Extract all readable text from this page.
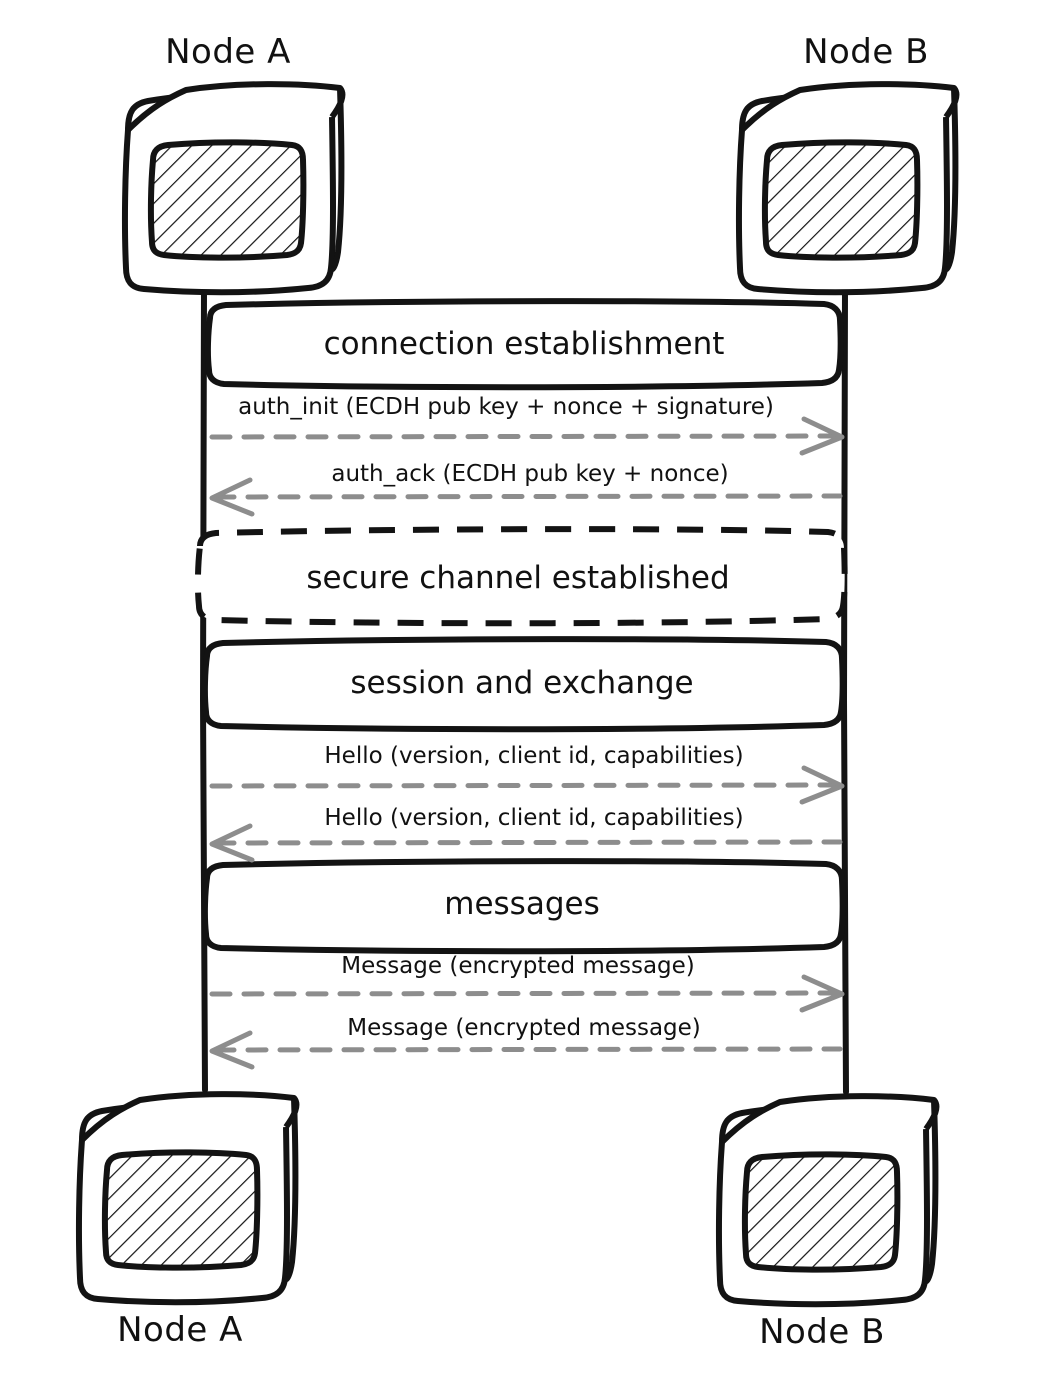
Node A	Node B
Node A	Node B
connection establishment
secure channel established
session and exchange
messages
auth_init (ECDH pub key + nonce + signature)
auth_ack (ECDH pub key + nonce)
Hello (version, client id, capabilities)
Hello (version, client id, capabilities)
Message (encrypted message)
Message (encrypted message)
